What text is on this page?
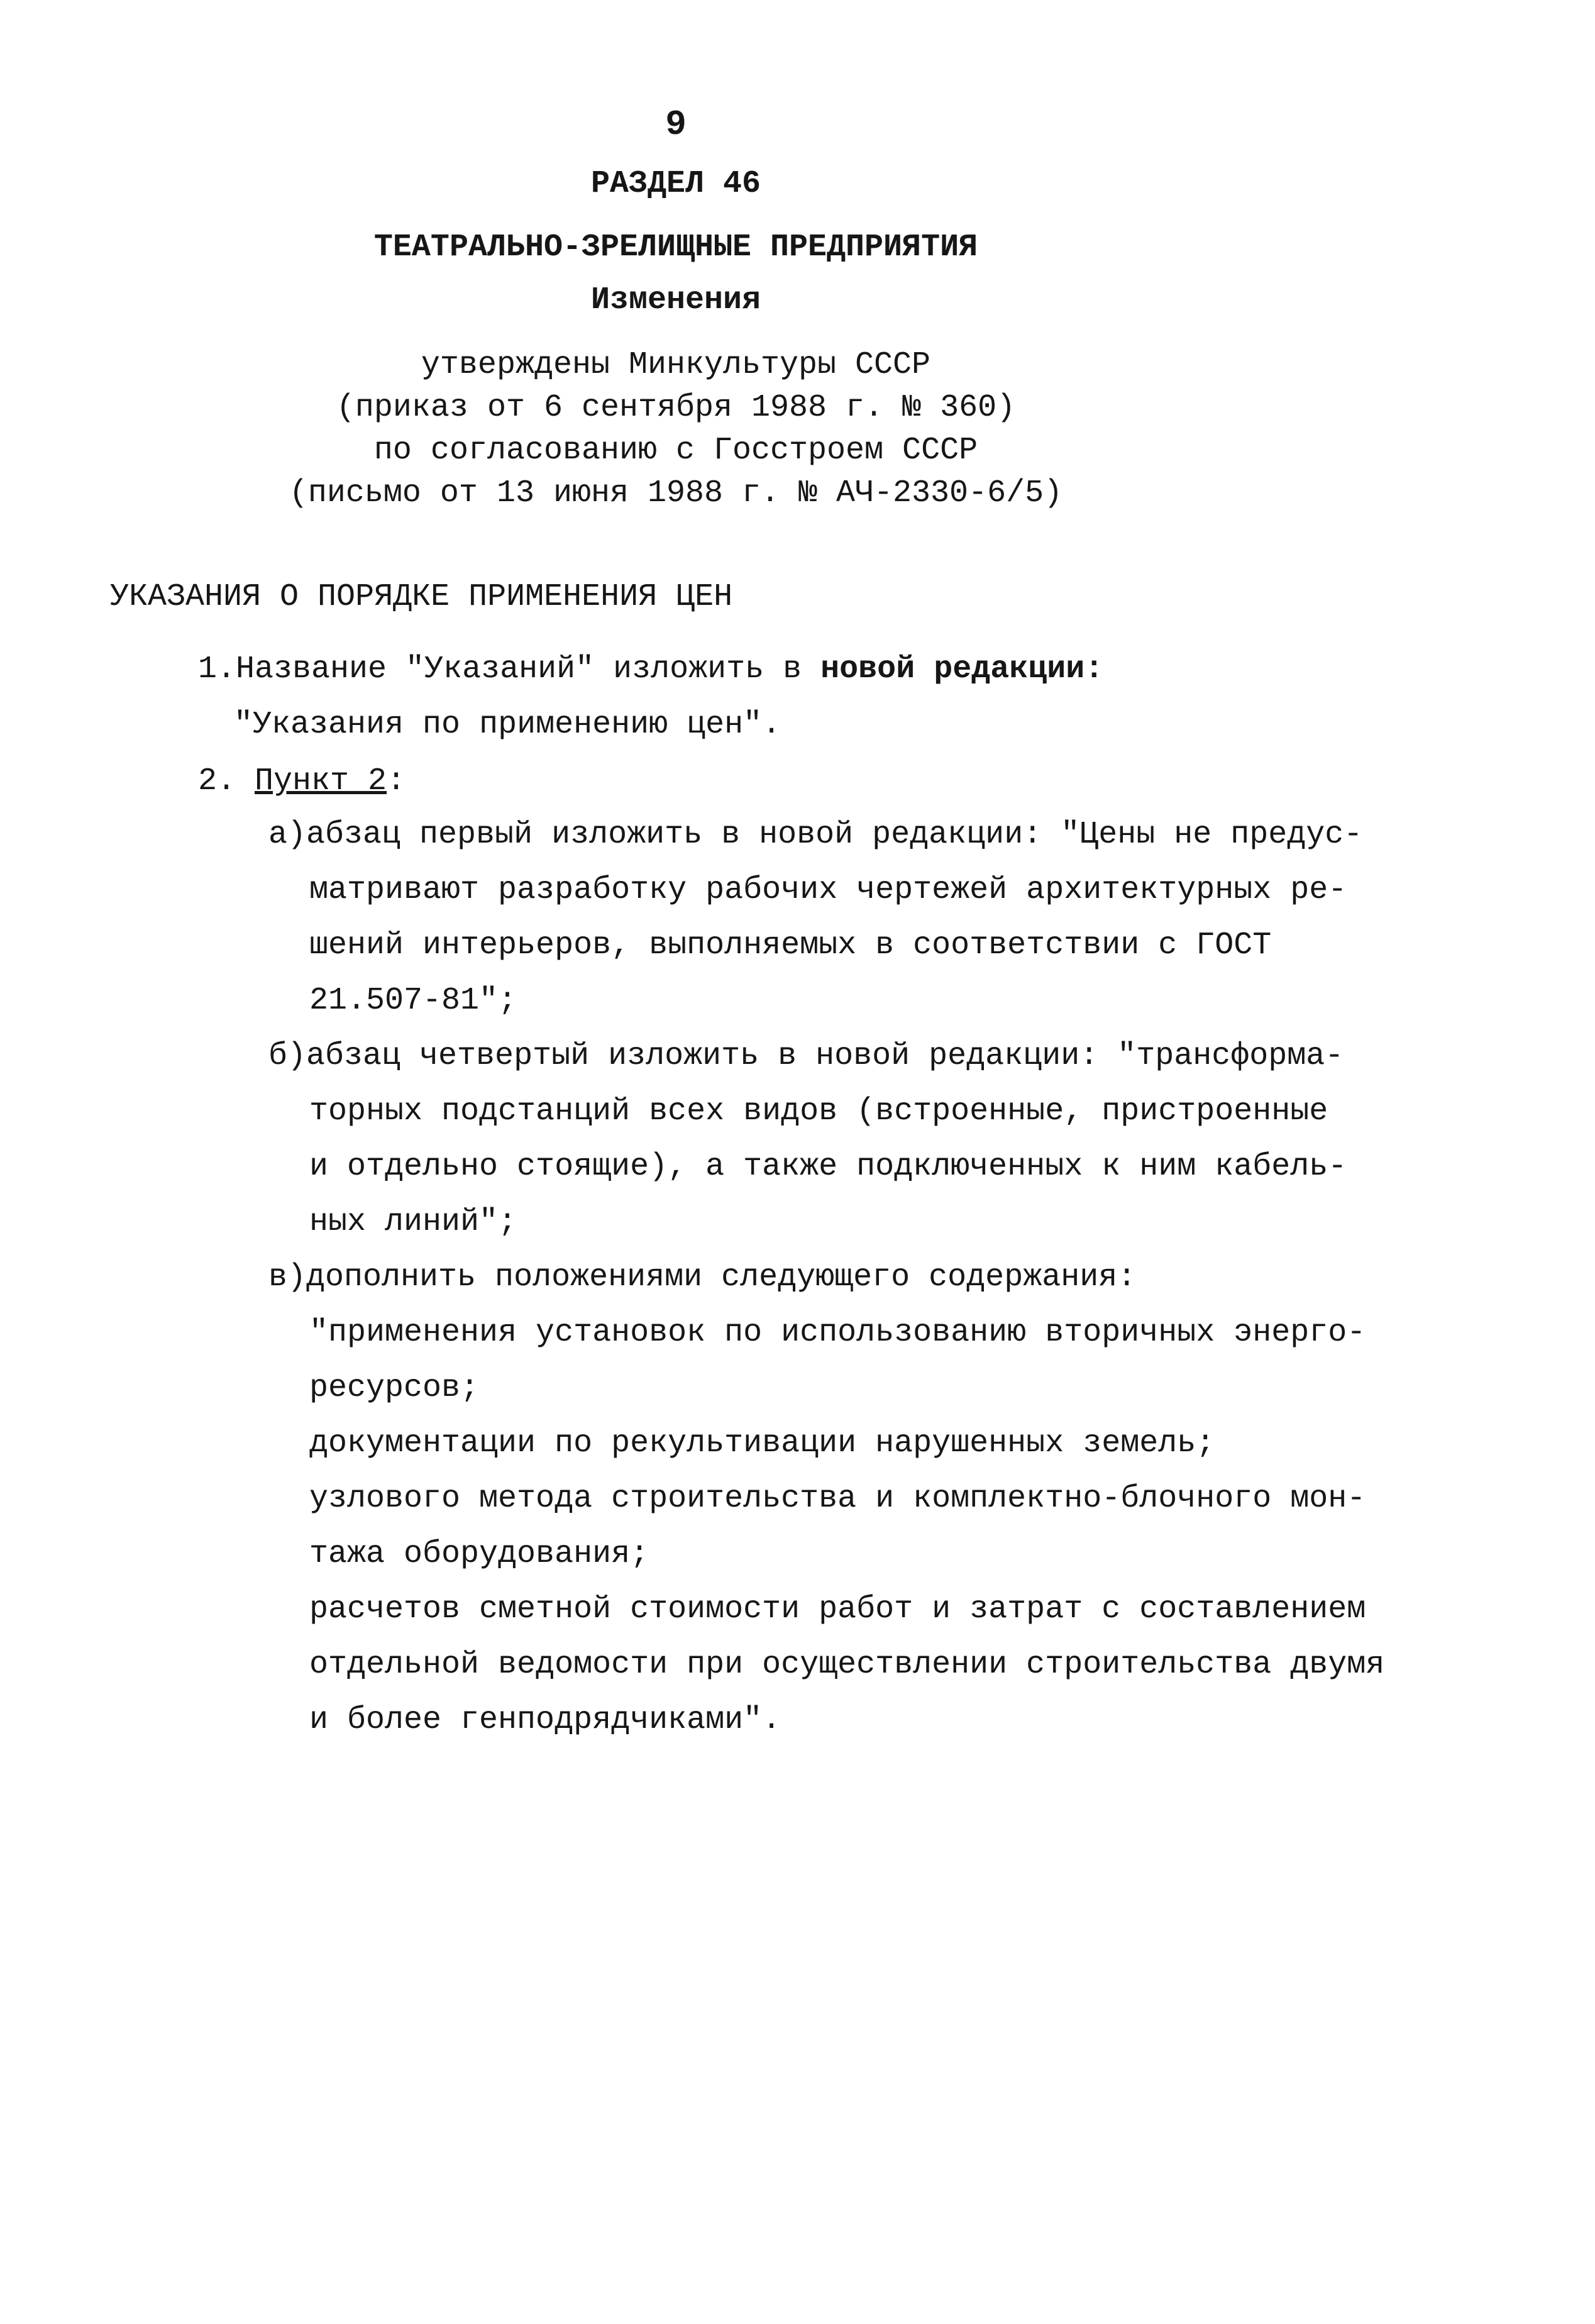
9
РАЗДЕЛ 46
ТЕАТРАЛЬНО-ЗРЕЛИЩНЫЕ ПРЕДПРИЯТИЯ
Изменения
утверждены Минкультуры СССР
(приказ от 6 сентября 1988 г. № 360)
по согласованию с Госстроем СССР
(письмо от 13 июня 1988 г. № АЧ-2330-6/5)
УКАЗАНИЯ О ПОРЯДКЕ ПРИМЕНЕНИЯ ЦЕН
1.Название "Указаний" изложить в новой редакции:
"Указания по применению цен".
2. Пункт 2:
а)абзац первый изложить в новой редакции: "Цены не предус-
матривают разработку рабочих чертежей архитектурных ре-
шений интерьеров, выполняемых в соответствии с ГОСТ
21.507-81";
б)абзац четвертый изложить в новой редакции: "трансформа-
торных подстанций всех видов (встроенные, пристроенные
и отдельно стоящие), а также подключенных к ним кабель-
ных линий";
в)дополнить положениями следующего содержания:
"применения установок по использованию вторичных энерго-
ресурсов;
документации по рекультивации нарушенных земель;
узлового метода строительства и комплектно-блочного мон-
тажа оборудования;
расчетов сметной стоимости работ и затрат с составлением
отдельной ведомости при осуществлении строительства двумя
и более генподрядчиками".
